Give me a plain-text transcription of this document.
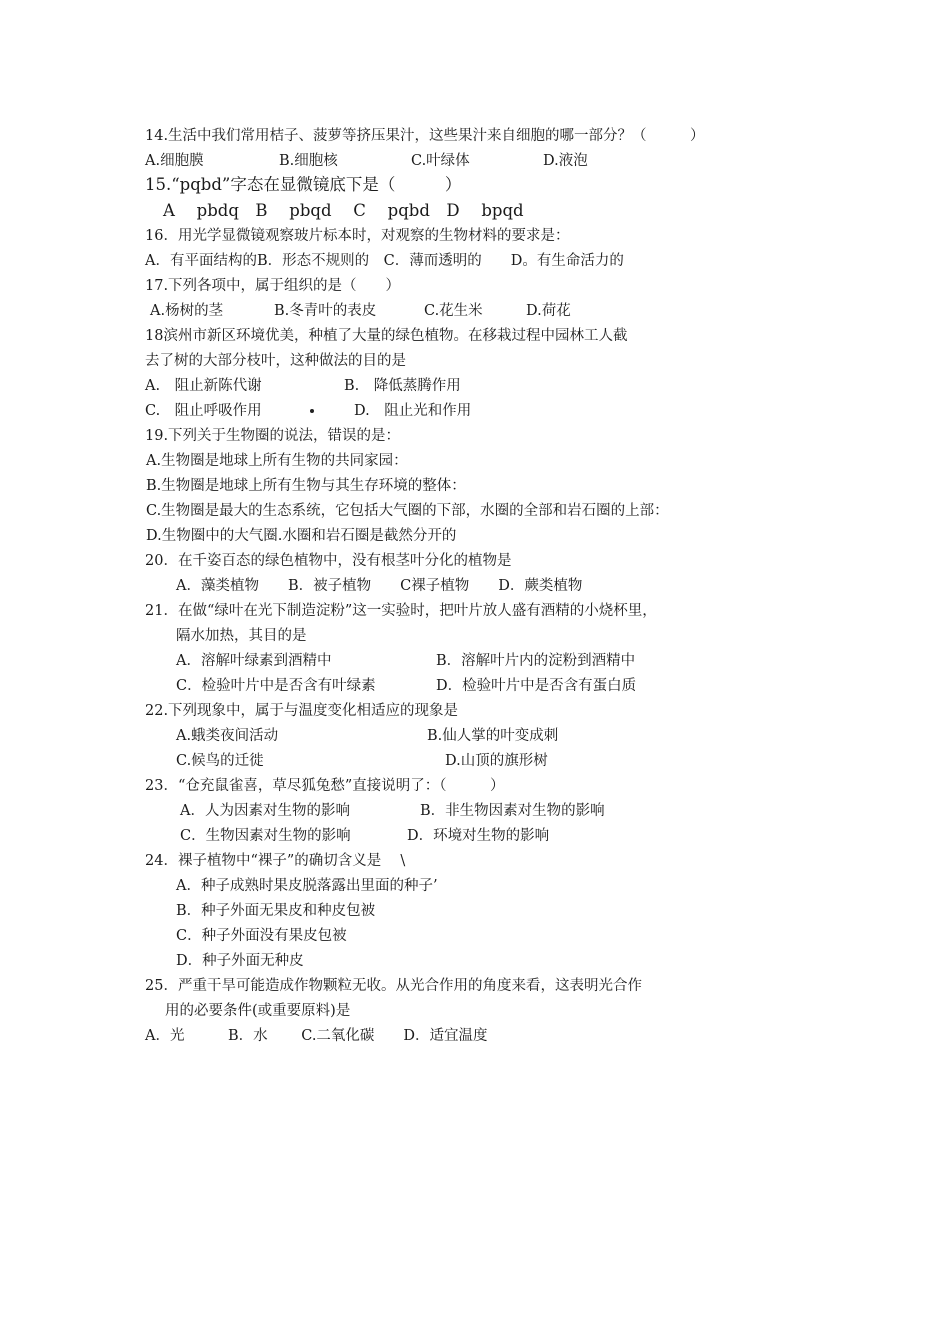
14.生活中我们常用桔子、菠萝等挤压果汁，这些果汁来自细胞的哪一部分？（　　　）

A.细胞膜

	B.细胞核

	C.叶绿体

	D.液泡

15.“pqbd”字态在显微镜底下是（　　　）
A　 pbdq　B　 pbqd　 C　 pqbd　D　 bpqd
16．用光学显微镜观察玻片标本时，对观察的生物材料的要求是：
A．有平面结构的B．形态不规则的　C．薄而透明的　　D。有生命活力的
17.下列各项中，属于组织的是（　　）

A.杨树的茎

	B.冬青叶的表皮

	C.花生米

	D.荷花

18滨州市新区环境优美，种植了大量的绿色植物。在移栽过程中园林工人截
去了树的大部分枝叶，这种做法的目的是

A.　阻止新陈代谢

	B.　降低蒸腾作用

C.　阻止呼吸作用

	D.　阻止光和作用

19.下列关于生物圈的说法，错误的是：
A.生物圈是地球上所有生物的共同家园：
B.生物圈是地球上所有生物与其生存环境的整体：
C.生物圈是最大的生态系统，它包括大气圈的下部，水圈的全部和岩石圈的上部：
D.生物圈中的大气圈.水圈和岩石圈是截然分开的
20．在千姿百态的绿色植物中，没有根茎叶分化的植物是
A．藻类植物　　B．被子植物　　C裸子植物　　D．蕨类植物
21．在做“绿叶在光下制造淀粉”这一实验时，把叶片放人盛有酒精的小烧杯里，
隔水加热，其目的是

A．溶解叶绿素到酒精中

	B．溶解叶片内的淀粉到酒精中

C．检验叶片中是否含有叶绿素

	D．检验叶片中是否含有蛋白质

22.下列现象中，属于与温度变化相适应的现象是

A.蛾类夜间活动

	B.仙人掌的叶变成刺

C.候鸟的迁徙

	D.山顶的旗形树

23．“仓充鼠雀喜，草尽狐兔愁”直接说明了：（　　　）

A．人为因素对生物的影响

	B．非生物因素对生物的影响

C．生物因素对生物的影响

	D．环境对生物的影响

24．裸子植物中“裸子”的确切含义是　 \
A．种子成熟时果皮脱落露出里面的种子’
B．种子外面无果皮和种皮包被
C．种子外面没有果皮包被
D．种子外面无种皮
25．严重干旱可能造成作物颗粒无收。从光合作用的角度来看，这表明光合作
用的必要条件(或重要原料)是
A．光　　　B．水　　 C.二氧化碳　　D．适宜温度
